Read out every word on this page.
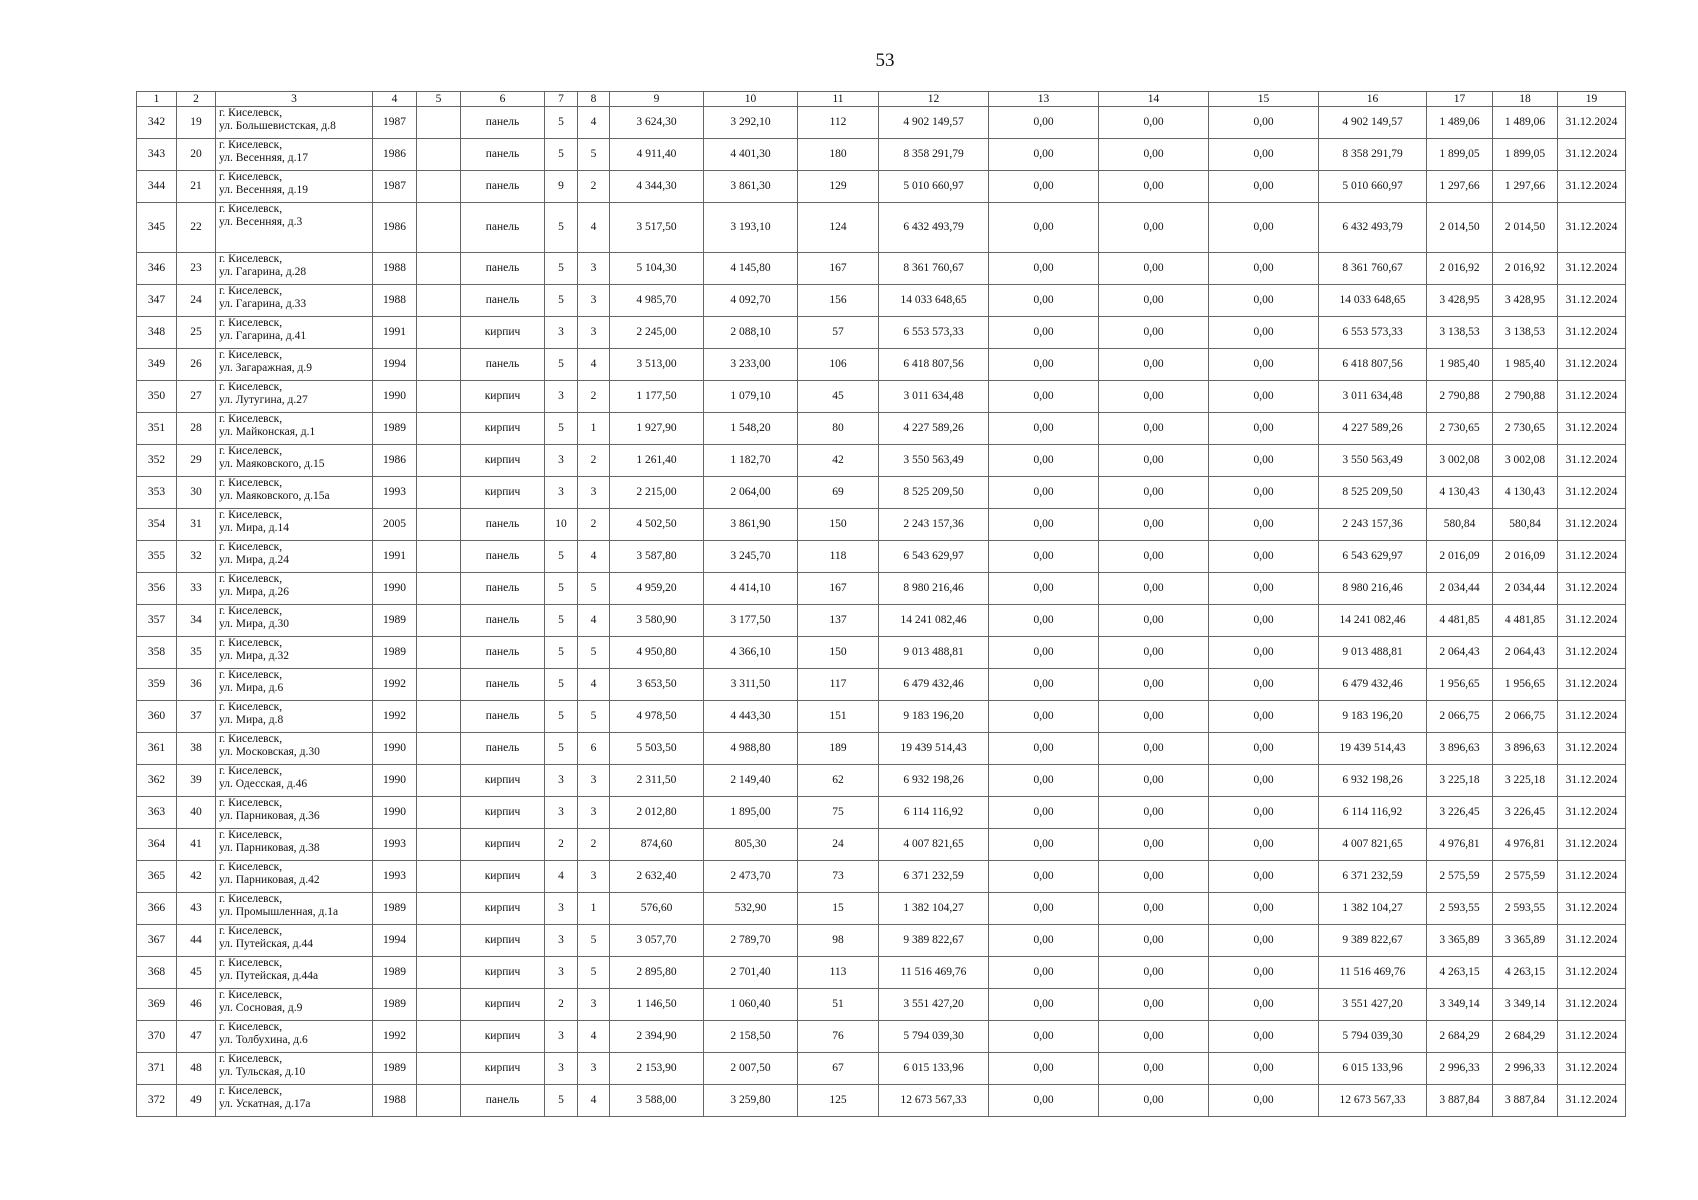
53
1	2	3	4	5	6	7	8	9	10	11	12	13	14	15	16	17	18	19
342	19	г. Киселевск,
ул. Большевистская, д.8	1987		панель	5	4	3 624,30	3 292,10	112	4 902 149,57	0,00	0,00	0,00	4 902 149,57	1 489,06	1 489,06	31.12.2024
343	20	г. Киселевск,
ул. Весенняя, д.17	1986		панель	5	5	4 911,40	4 401,30	180	8 358 291,79	0,00	0,00	0,00	8 358 291,79	1 899,05	1 899,05	31.12.2024
344	21	г. Киселевск,
ул. Весенняя, д.19	1987		панель	9	2	4 344,30	3 861,30	129	5 010 660,97	0,00	0,00	0,00	5 010 660,97	1 297,66	1 297,66	31.12.2024
345	22	г. Киселевск,
ул. Весенняя, д.3	1986		панель	5	4	3 517,50	3 193,10	124	6 432 493,79	0,00	0,00	0,00	6 432 493,79	2 014,50	2 014,50	31.12.2024
346	23	г. Киселевск,
ул. Гагарина, д.28	1988		панель	5	3	5 104,30	4 145,80	167	8 361 760,67	0,00	0,00	0,00	8 361 760,67	2 016,92	2 016,92	31.12.2024
347	24	г. Киселевск,
ул. Гагарина, д.33	1988		панель	5	3	4 985,70	4 092,70	156	14 033 648,65	0,00	0,00	0,00	14 033 648,65	3 428,95	3 428,95	31.12.2024
348	25	г. Киселевск,
ул. Гагарина, д.41	1991		кирпич	3	3	2 245,00	2 088,10	57	6 553 573,33	0,00	0,00	0,00	6 553 573,33	3 138,53	3 138,53	31.12.2024
349	26	г. Киселевск,
ул. Загаражная, д.9	1994		панель	5	4	3 513,00	3 233,00	106	6 418 807,56	0,00	0,00	0,00	6 418 807,56	1 985,40	1 985,40	31.12.2024
350	27	г. Киселевск,
ул. Лутугина, д.27	1990		кирпич	3	2	1 177,50	1 079,10	45	3 011 634,48	0,00	0,00	0,00	3 011 634,48	2 790,88	2 790,88	31.12.2024
351	28	г. Киселевск,
ул. Майконская, д.1	1989		кирпич	5	1	1 927,90	1 548,20	80	4 227 589,26	0,00	0,00	0,00	4 227 589,26	2 730,65	2 730,65	31.12.2024
352	29	г. Киселевск,
ул. Маяковского, д.15	1986		кирпич	3	2	1 261,40	1 182,70	42	3 550 563,49	0,00	0,00	0,00	3 550 563,49	3 002,08	3 002,08	31.12.2024
353	30	г. Киселевск,
ул. Маяковского, д.15а	1993		кирпич	3	3	2 215,00	2 064,00	69	8 525 209,50	0,00	0,00	0,00	8 525 209,50	4 130,43	4 130,43	31.12.2024
354	31	г. Киселевск,
ул. Мира, д.14	2005		панель	10	2	4 502,50	3 861,90	150	2 243 157,36	0,00	0,00	0,00	2 243 157,36	580,84	580,84	31.12.2024
355	32	г. Киселевск,
ул. Мира, д.24	1991		панель	5	4	3 587,80	3 245,70	118	6 543 629,97	0,00	0,00	0,00	6 543 629,97	2 016,09	2 016,09	31.12.2024
356	33	г. Киселевск,
ул. Мира, д.26	1990		панель	5	5	4 959,20	4 414,10	167	8 980 216,46	0,00	0,00	0,00	8 980 216,46	2 034,44	2 034,44	31.12.2024
357	34	г. Киселевск,
ул. Мира, д.30	1989		панель	5	4	3 580,90	3 177,50	137	14 241 082,46	0,00	0,00	0,00	14 241 082,46	4 481,85	4 481,85	31.12.2024
358	35	г. Киселевск,
ул. Мира, д.32	1989		панель	5	5	4 950,80	4 366,10	150	9 013 488,81	0,00	0,00	0,00	9 013 488,81	2 064,43	2 064,43	31.12.2024
359	36	г. Киселевск,
ул. Мира, д.6	1992		панель	5	4	3 653,50	3 311,50	117	6 479 432,46	0,00	0,00	0,00	6 479 432,46	1 956,65	1 956,65	31.12.2024
360	37	г. Киселевск,
ул. Мира, д.8	1992		панель	5	5	4 978,50	4 443,30	151	9 183 196,20	0,00	0,00	0,00	9 183 196,20	2 066,75	2 066,75	31.12.2024
361	38	г. Киселевск,
ул. Московская, д.30	1990		панель	5	6	5 503,50	4 988,80	189	19 439 514,43	0,00	0,00	0,00	19 439 514,43	3 896,63	3 896,63	31.12.2024
362	39	г. Киселевск,
ул. Одесская, д.46	1990		кирпич	3	3	2 311,50	2 149,40	62	6 932 198,26	0,00	0,00	0,00	6 932 198,26	3 225,18	3 225,18	31.12.2024
363	40	г. Киселевск,
ул. Парниковая, д.36	1990		кирпич	3	3	2 012,80	1 895,00	75	6 114 116,92	0,00	0,00	0,00	6 114 116,92	3 226,45	3 226,45	31.12.2024
364	41	г. Киселевск,
ул. Парниковая, д.38	1993		кирпич	2	2	874,60	805,30	24	4 007 821,65	0,00	0,00	0,00	4 007 821,65	4 976,81	4 976,81	31.12.2024
365	42	г. Киселевск,
ул. Парниковая, д.42	1993		кирпич	4	3	2 632,40	2 473,70	73	6 371 232,59	0,00	0,00	0,00	6 371 232,59	2 575,59	2 575,59	31.12.2024
366	43	г. Киселевск,
ул. Промышленная, д.1а	1989		кирпич	3	1	576,60	532,90	15	1 382 104,27	0,00	0,00	0,00	1 382 104,27	2 593,55	2 593,55	31.12.2024
367	44	г. Киселевск,
ул. Путейская, д.44	1994		кирпич	3	5	3 057,70	2 789,70	98	9 389 822,67	0,00	0,00	0,00	9 389 822,67	3 365,89	3 365,89	31.12.2024
368	45	г. Киселевск,
ул. Путейская, д.44а	1989		кирпич	3	5	2 895,80	2 701,40	113	11 516 469,76	0,00	0,00	0,00	11 516 469,76	4 263,15	4 263,15	31.12.2024
369	46	г. Киселевск,
ул. Сосновая, д.9	1989		кирпич	2	3	1 146,50	1 060,40	51	3 551 427,20	0,00	0,00	0,00	3 551 427,20	3 349,14	3 349,14	31.12.2024
370	47	г. Киселевск,
ул. Толбухина, д.6	1992		кирпич	3	4	2 394,90	2 158,50	76	5 794 039,30	0,00	0,00	0,00	5 794 039,30	2 684,29	2 684,29	31.12.2024
371	48	г. Киселевск,
ул. Тульская, д.10	1989		кирпич	3	3	2 153,90	2 007,50	67	6 015 133,96	0,00	0,00	0,00	6 015 133,96	2 996,33	2 996,33	31.12.2024
372	49	г. Киселевск,
ул. Ускатная, д.17а	1988		панель	5	4	3 588,00	3 259,80	125	12 673 567,33	0,00	0,00	0,00	12 673 567,33	3 887,84	3 887,84	31.12.2024
